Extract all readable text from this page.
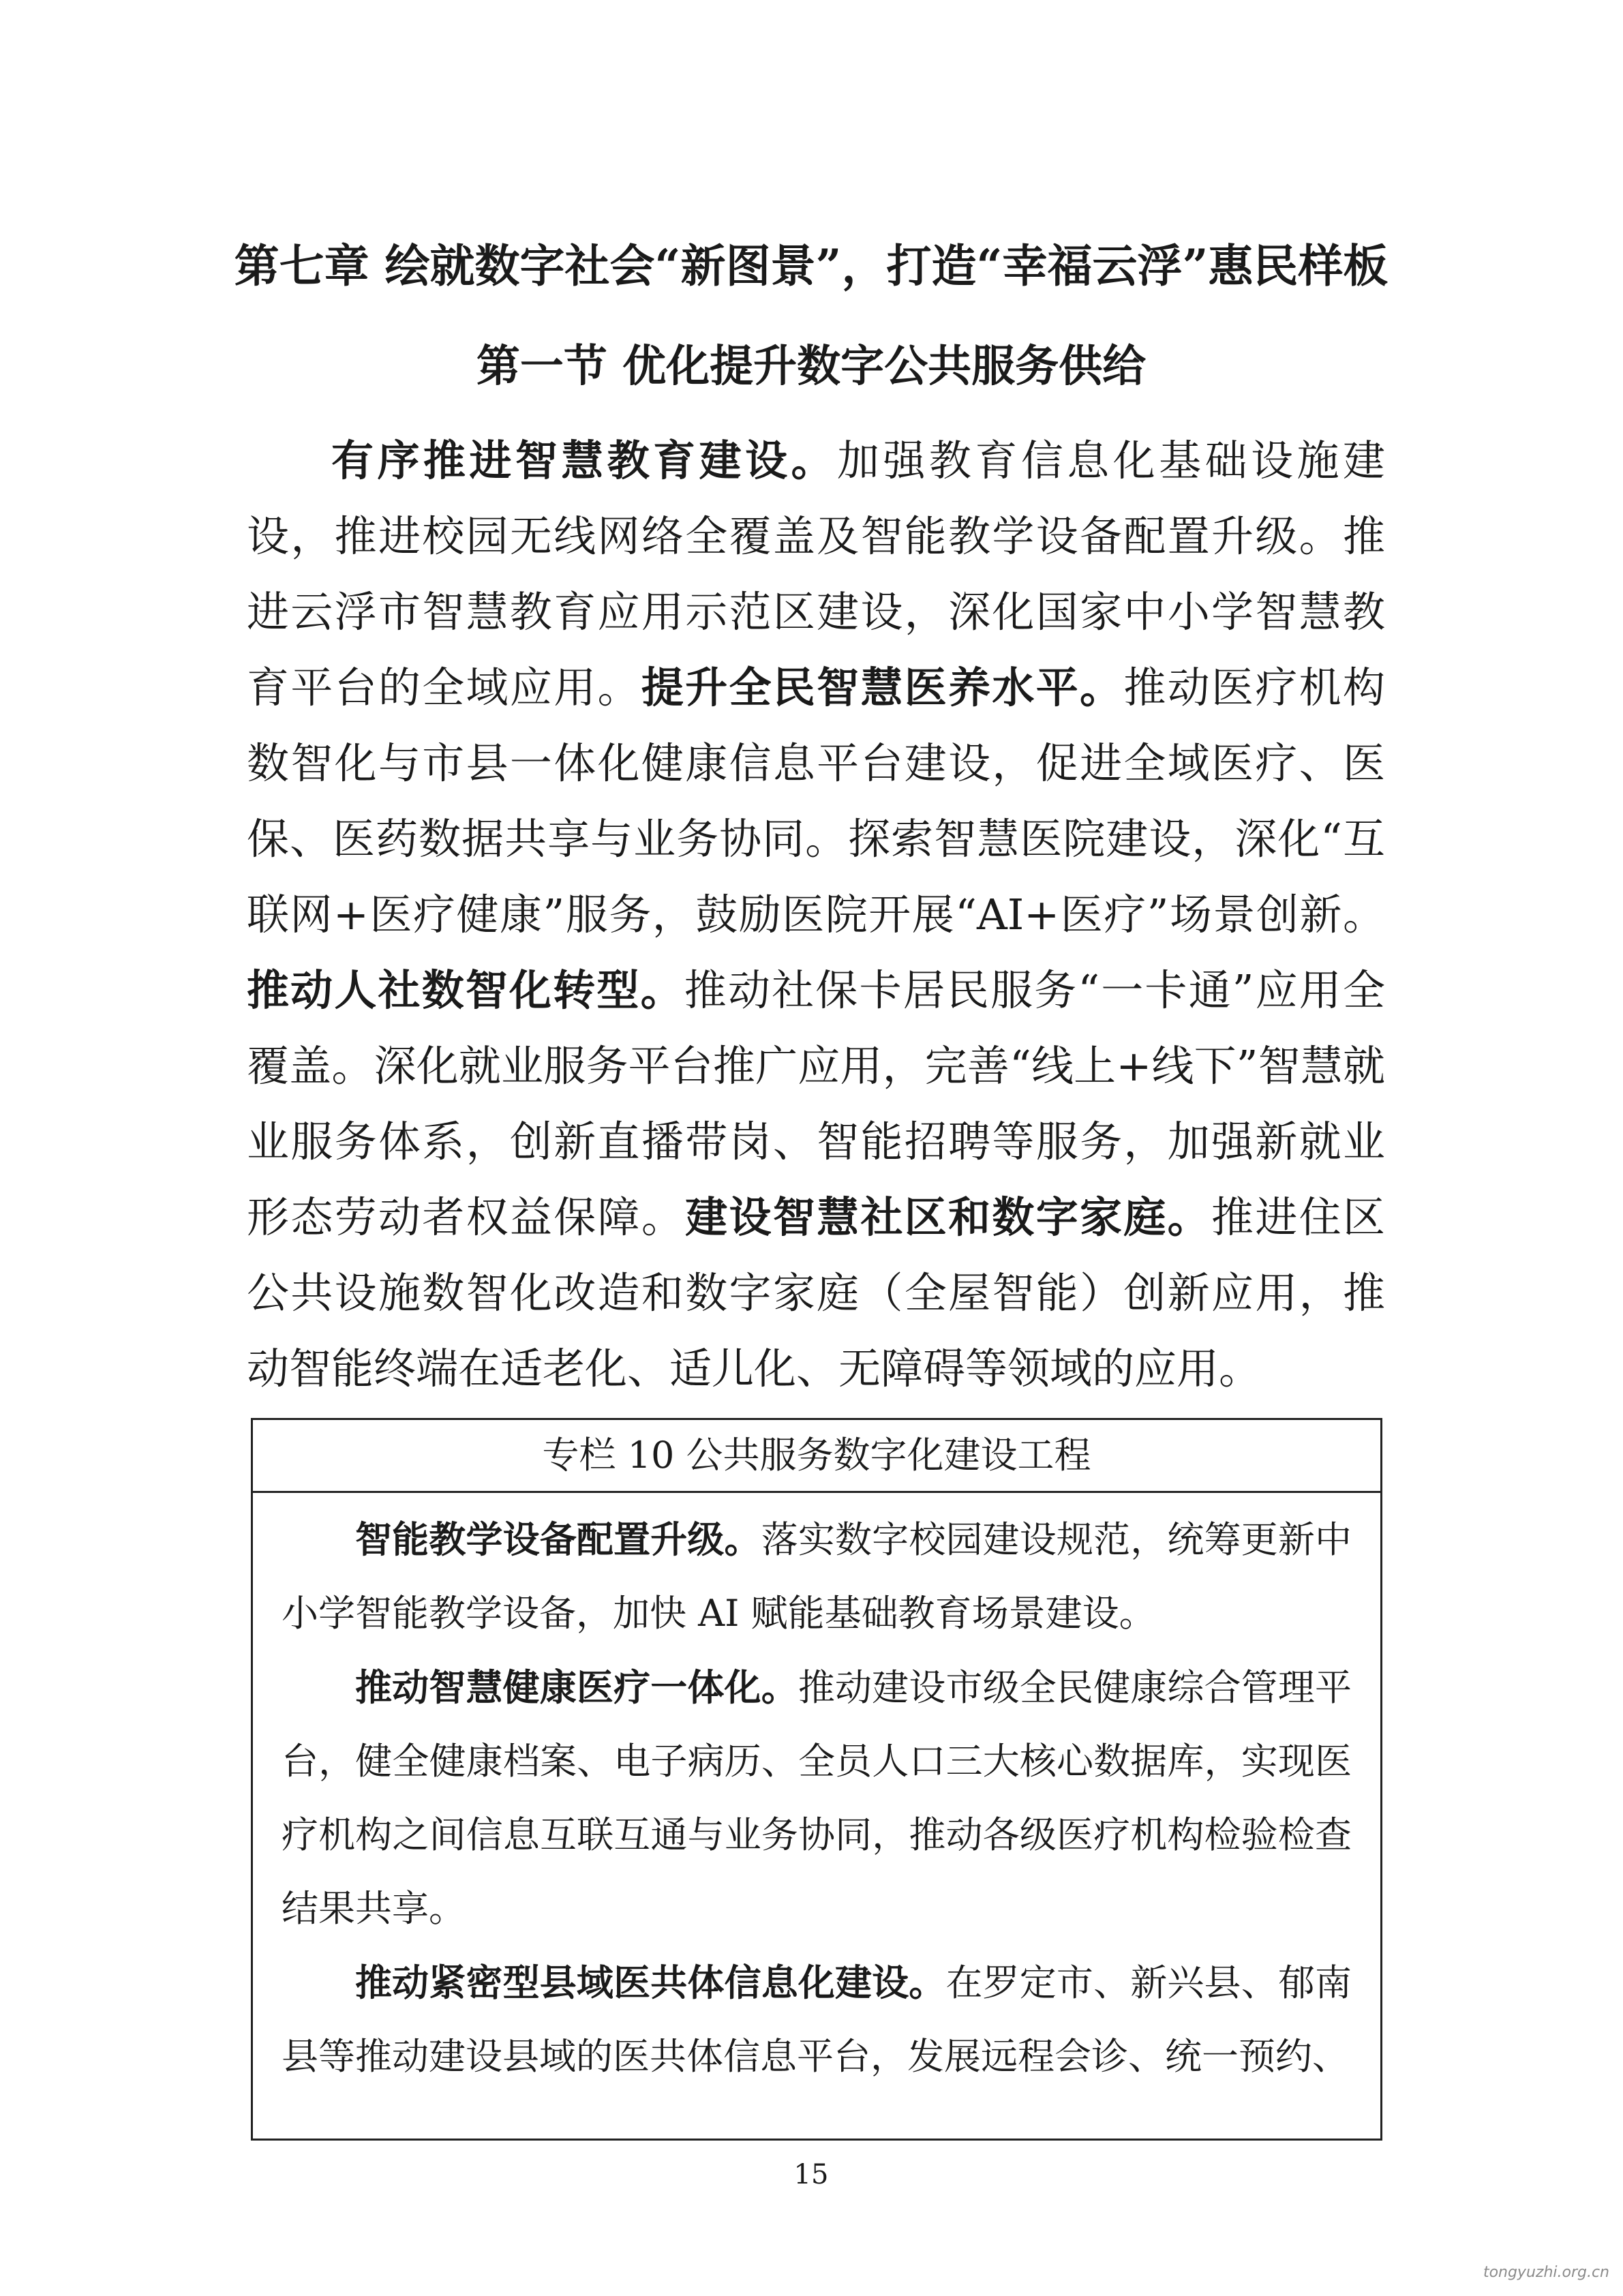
第七章 绘就数字社会“新图景”，打造“幸福云浮”惠民样板
第一节 优化提升数字公共服务供给

有序推进智慧教育建设。加强教育信息化基础设施建设，推进校园无线网络全覆盖及智能教学设备配置升级。推进云浮市智慧教育应用示范区建设，深化国家中小学智慧教育平台的全域应用。提升全民智慧医养水平。推动医疗机构数智化与市县一体化健康信息平台建设，促进全域医疗、医保、医药数据共享与业务协同。探索智慧医院建设，深化“互联网+医疗健康”服务，鼓励医院开展“AI+医疗”场景创新。推动人社数智化转型。推动社保卡居民服务“一卡通”应用全覆盖。深化就业服务平台推广应用，完善“线上+线下”智慧就业服务体系，创新直播带岗、智能招聘等服务，加强新就业形态劳动者权益保障。建设智慧社区和数字家庭。推进住区公共设施数智化改造和数字家庭（全屋智能）创新应用，推动智能终端在适老化、适儿化、无障碍等领域的应用。

专栏 10 公共服务数字化建设工程

智能教学设备配置升级。落实数字校园建设规范，统筹更新中小学智能教学设备，加快 AI 赋能基础教育场景建设。

推动智慧健康医疗一体化。推动建设市级全民健康综合管理平台，健全健康档案、电子病历、全员人口三大核心数据库，实现医疗机构之间信息互联互通与业务协同，推动各级医疗机构检验检查结果共享。

推动紧密型县域医共体信息化建设。在罗定市、新兴县、郁南县等推动建设县域的医共体信息平台，发展远程会诊、统一预约、

15
tongyuzhi.org.cn
